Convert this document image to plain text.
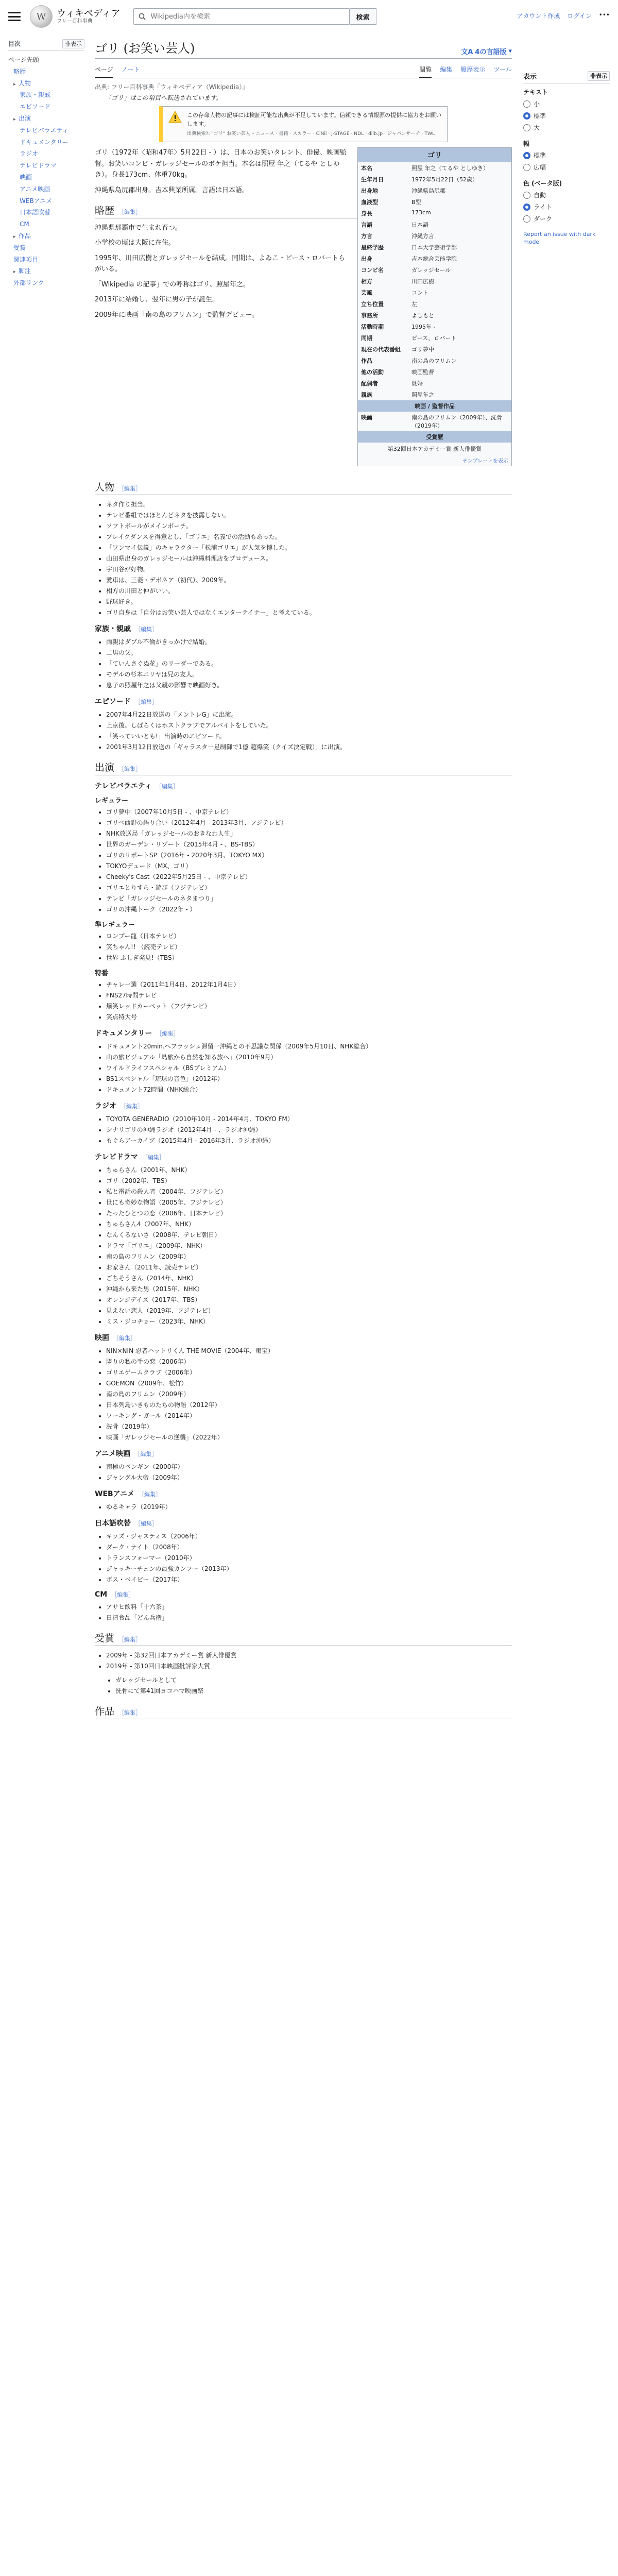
W	ウィキペディア
フリー百科事典
Wikipedia内を検索
検索	アカウント作成 ログイン •••
目次	非表示
ページ先頭
略歴
▸ 人物
家族・親戚
エピソード
▸ 出演
テレビバラエティ
ドキュメンタリー
ラジオ
テレビドラマ
映画
アニメ映画
WEBアニメ
日本語吹替
CM
▸ 作品
受賞
関連項目
▸ 脚注
外部リンク
ゴリ (お笑い芸人)	文A 4の言語版 ▾
ページ ノート	閲覧 編集 履歴表示 ツール
出典: フリー百科事典『ウィキペディア（Wikipedia）』
「ゴリ」はこの項目へ転送されています。
この存命人物の記事には検証可能な出典が不足しています。信頼できる情報源の提供に協力をお願いします。
出典検索?: "ゴリ" お笑い芸人 – ニュース · 書籍 · スカラー · CiNii · J-STAGE · NDL · dlib.jp · ジャパンサーチ · TWL
ゴリ
本名	照屋 年之（てるや としゆき）
生年月日	1972年5月22日（52歳）
出身地	沖縄県島尻郡
血液型	B型
身長	173cm
言語	日本語
方言	沖縄方言
最終学歴	日本大学芸術学部
出身	吉本総合芸能学院
コンビ名	ガレッジセール
相方	川田広樹
芸風	コント
立ち位置	左
事務所	よしもと
活動時期	1995年 -
同期	ピース、ロバート
現在の代表番組	ゴリ夢中
作品	南の島のフリムン
他の活動	映画監督
配偶者	既婚
親族	照屋年之
映画 / 監督作品
映画	南の島のフリムン（2009年）、洗骨（2019年）
受賞歴
第32回日本アカデミー賞 新人俳優賞
テンプレートを表示

ゴリ（1972年〈昭和47年〉5月22日 - ）は、日本のお笑いタレント、俳優、映画監督。お笑いコンビ・ガレッジセールのボケ担当。本名は照屋 年之（てるや としゆき）。身長173cm、体重70kg。

沖縄県島尻郡出身。吉本興業所属。言語は日本語。

略歴 ［編集］

沖縄県那覇市で生まれ育つ。

小学校の頃は大阪に在住。

1995年、川田広樹とガレッジセールを結成。同期は、よゐこ・ピース・ロバートらがいる。

「Wikipedia の記事」での呼称はゴリ、照屋年之。

2013年に結婚し、翌年に男の子が誕生。

2009年に映画「南の島のフリムン」で監督デビュー。

人物 ［編集］
• ネタ作り担当。
• テレビ番組ではほとんどネタを披露しない。
• ソフトボールがメインポーチ。
• ブレイクダンスを得意とし、「ゴリエ」名義での活動もあった。
• 「ワンマイ伝説」のキャラクター「松浦ゴリエ」が人気を博した。
• 山田県出身のガレッジセールは沖縄料理店をプロデュース。
• 宇田谷が好物。
• 愛車は、三菱・デボネア（初代）、2009年。
• 相方の川田と仲がいい。
• 野球好き。
• ゴリ自身は「自分はお笑い芸人ではなくエンターテイナー」と考えている。
家族・親戚 ［編集］
• 両親はダブル不倫がきっかけで結婚。
• 二男の父。
• 「ていんさぐぬ花」のリーダーである。
• モデルの杉本エリヤは兄の友人。
• 息子の照屋年之は父親の影響で映画好き。
エピソード ［編集］
• 2007年4月22日放送の「メントレG」に出演。
• 上京後、しばらくはホストクラブでアルバイトをしていた。
• 「笑っていいとも!」出演時のエピソード。
• 2001年3月12日放送の「ギャラスタ一足制御で1億 超爆笑（クイズ決定戦）」に出演。
出演 ［編集］
テレビバラエティ ［編集］
レギュラー
• ゴリ夢中（2007年10月5日 - 、中京テレビ）
• ゴリベ西野の語り合い（2012年4月 - 2013年3月、フジテレビ）
• NHK放送局「ガレッジセールのおきなわ人生」
• 世界のガーデン・リゾート（2015年4月 - 、BS-TBS）
• ゴリのリポートSP（2016年 - 2020年3月、TOKYO MX）
• TOKYOデュード（MX、ゴリ）
• Cheeky's Cast（2022年5月25日 - 、中京テレビ）
• ゴリエとりすら・遊び（フジテレビ）
• テレビ「ガレッジセールのネタまつり」
• ゴリの沖縄トーク（2022年 - ）
準レギュラー
• ロンブー龍（日本テレビ）
• 笑ちゃん!! （読売テレビ）
• 世界 ふしぎ発見!（TBS）
特番
• チャレ一選（2011年1月4日、2012年1月4日）
• FNS27時間テレビ
• 爆笑レッドカーペット（フジテレビ）
• 笑点特大号
ドキュメンタリー ［編集］
• ドキュメント20min.ヘフラッシュ滞留一沖縄との不思議な関係（2009年5月10日、NHK総合）
• 山の旅ビジュアル「島旅から自然を知る旅へ」（2010年9月）
• ワイルドライフスペシャル（BSプレミアム）
• BS1スペシャル「琉球の音色」（2012年）
• ドキュメント72時間（NHK総合）
ラジオ ［編集］
• TOYOTA GENERADIO（2010年10月 - 2014年4月、TOKYO FM）
• シナリゴリの沖縄ラジオ（2012年4月 - 、ラジオ沖縄）
• もぐらアーカイブ（2015年4月 - 2016年3月、ラジオ沖縄）
テレビドラマ ［編集］
• ちゅらさん（2001年、NHK）
• ゴリ（2002年、TBS）
• 私と電話の殺人者（2004年、フジテレビ）
• 世にも奇妙な物語（2005年、フジテレビ）
• たったひとつの恋（2006年、日本テレビ）
• ちゅらさん4（2007年、NHK）
• なんくるないさ（2008年、テレビ朝日）
• ドラマ「ゴリエ」（2009年、NHK）
• 南の島のフリムン（2009年）
• お家さん（2011年、読売テレビ）
• ごちそうさん（2014年、NHK）
• 沖縄から来た男（2015年、NHK）
• オレンジデイズ（2017年、TBS）
• 見えない恋人（2019年、フジテレビ）
• ミス・ジコチョー（2023年、NHK）
映画 ［編集］
• NIN×NIN 忍者ハットリくん THE MOVIE（2004年、東宝）
• 隣りの私の手の恋（2006年）
• ゴリエゲームクラブ（2006年）
• GOEMON（2009年、松竹）
• 南の島のフリムン（2009年）
• 日本列島いきものたちの物語（2012年）
• ワーキング・ガール（2014年）
• 洗骨（2019年）
• 映画「ガレッジセールの逆襲」（2022年）
アニメ映画 ［編集］
• 南極のペンギン（2000年）
• ジャングル大帝（2009年）
WEBアニメ ［編集］
• ゆるキャラ（2019年）
日本語吹替 ［編集］
• キッズ・ジャスティス（2006年）
• ダーク・ナイト（2008年）
• トランスフォーマー（2010年）
• ジャッキーチェンの最強カンフー（2013年）
• ボス・ベイビー（2017年）
CM ［編集］
• アサヒ飲料「十六茶」
• 日清食品「どん兵衛」
受賞 ［編集］
• 2009年 - 第32回日本アカデミー賞 新人俳優賞
• 2019年 - 第10回日本映画批評家大賞
• ガレッジセールとして
• 洗骨にて第41回ヨコハマ映画祭
作品 ［編集］
表示	非表示
テキスト
小
標準
大
幅
標準
広幅
色 (ベータ版)
自動
ライト
ダーク
Report an issue with dark mode
